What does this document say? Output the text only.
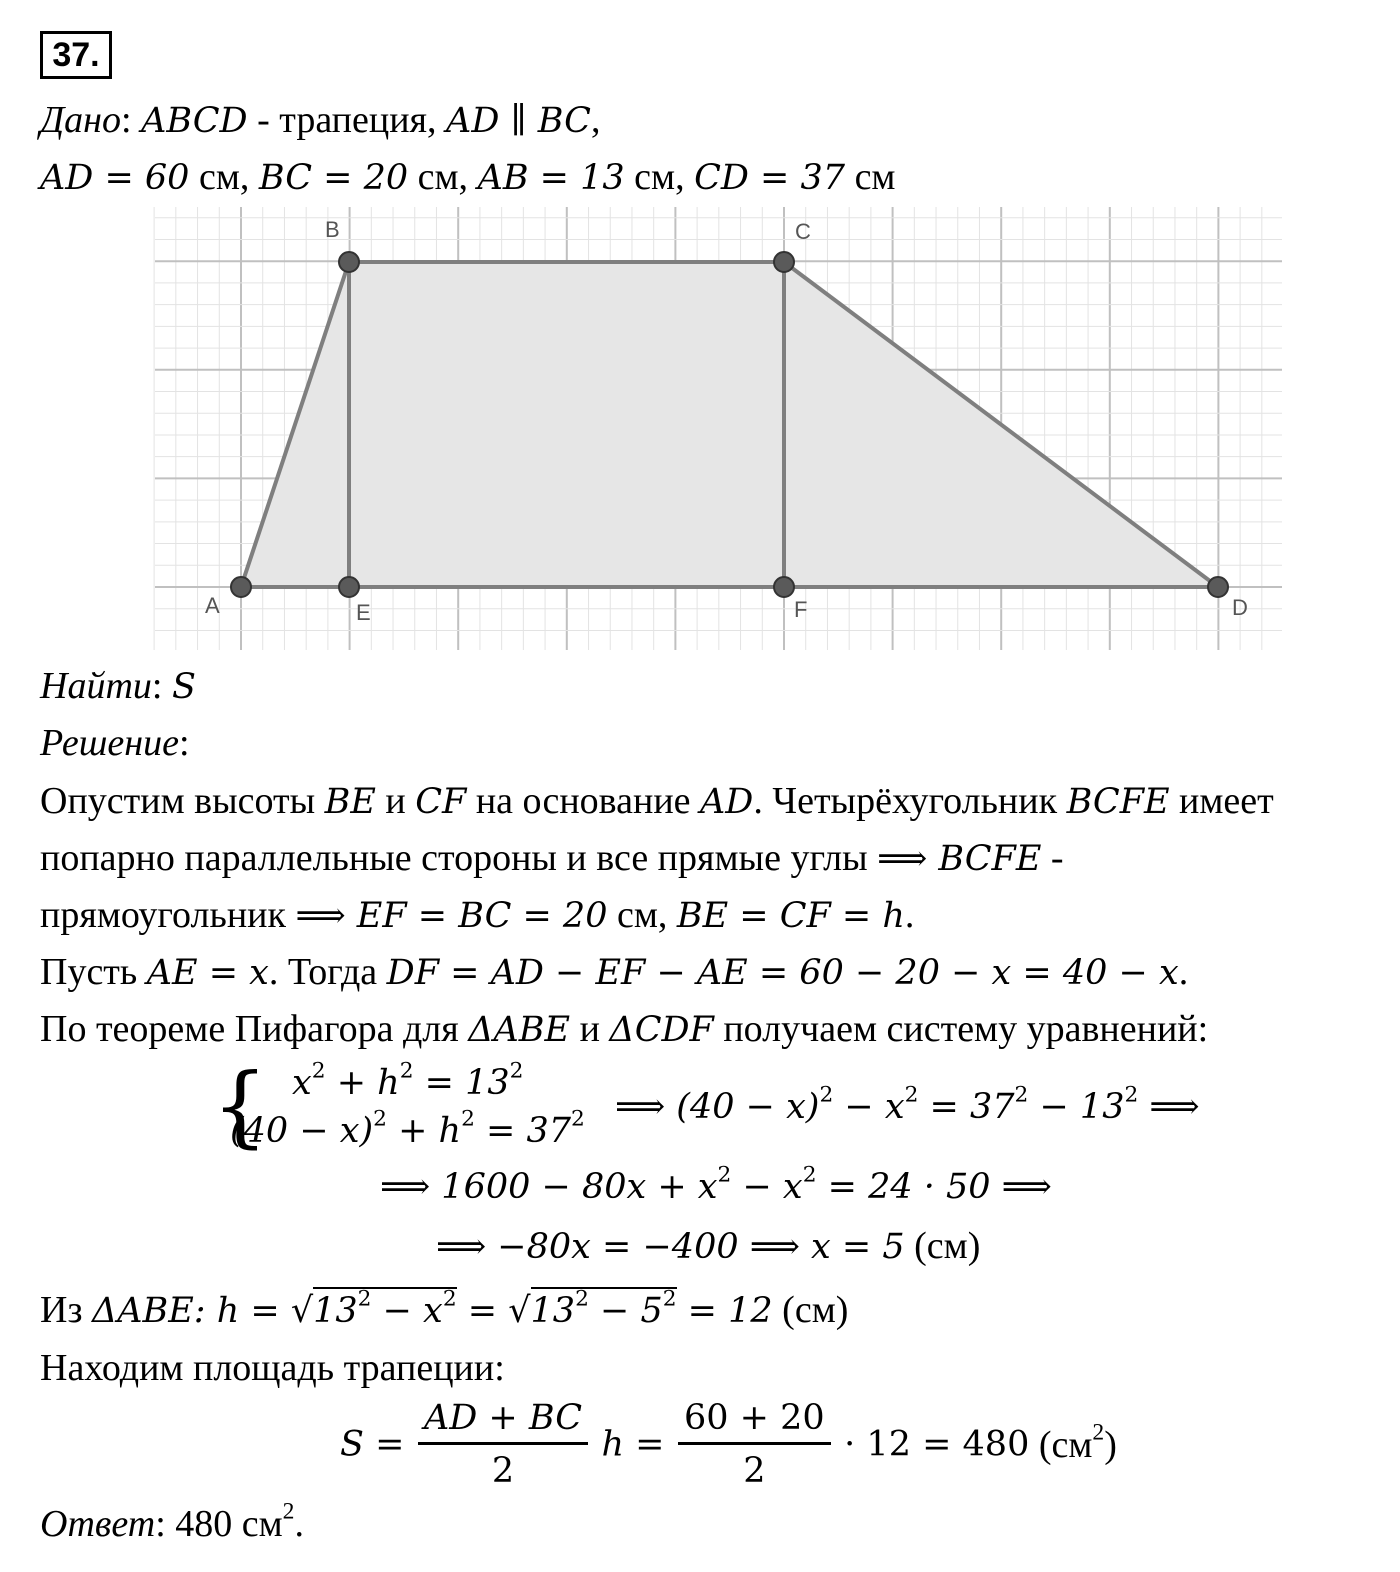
37.
Дано: ABCD - трапеция, AD ∥ BC,
AD = 60 см, BC = 20 см, AB = 13 см, CD = 37 см
A
B	C
D
E	F
Найти: S
Решение:
Опустим высоты BE и CF на основание AD. Четырёхугольник BCFE имеет
попарно параллельные стороны и все прямые углы ⟹ BCFE -
прямоугольник ⟹ EF = BC = 20 см, BE = CF = h.
Пусть AE = x. Тогда DF = AD − EF − AE = 60 − 20 − x = 40 − x.
По теореме Пифагора для ΔABE и ΔCDF получаем систему уравнений:
{ $x^2 + h^2 = 13^2$
$(40 - x)^2 + h^2 = 37^2$ ⟹ $(40 - x)^2 - x^2 = 37^2 - 13^2$ ⟹
⟹ $1600 - 80x + x^2 - x^2 = 24 \cdot 50$ ⟹
⟹ −80x = −400 ⟹ x = 5 (см)
Из ΔABE: $h = √13^2 - x^2 = √13^2 - 5^2 = 12$ (см)
Находим площадь трапеции:
$S = \frac{AD + BC}{2}$ $h = \frac{60 + 20}{2} \cdot 12 = 480$ $(см^2)$
Ответ: 480 $см^2$.
